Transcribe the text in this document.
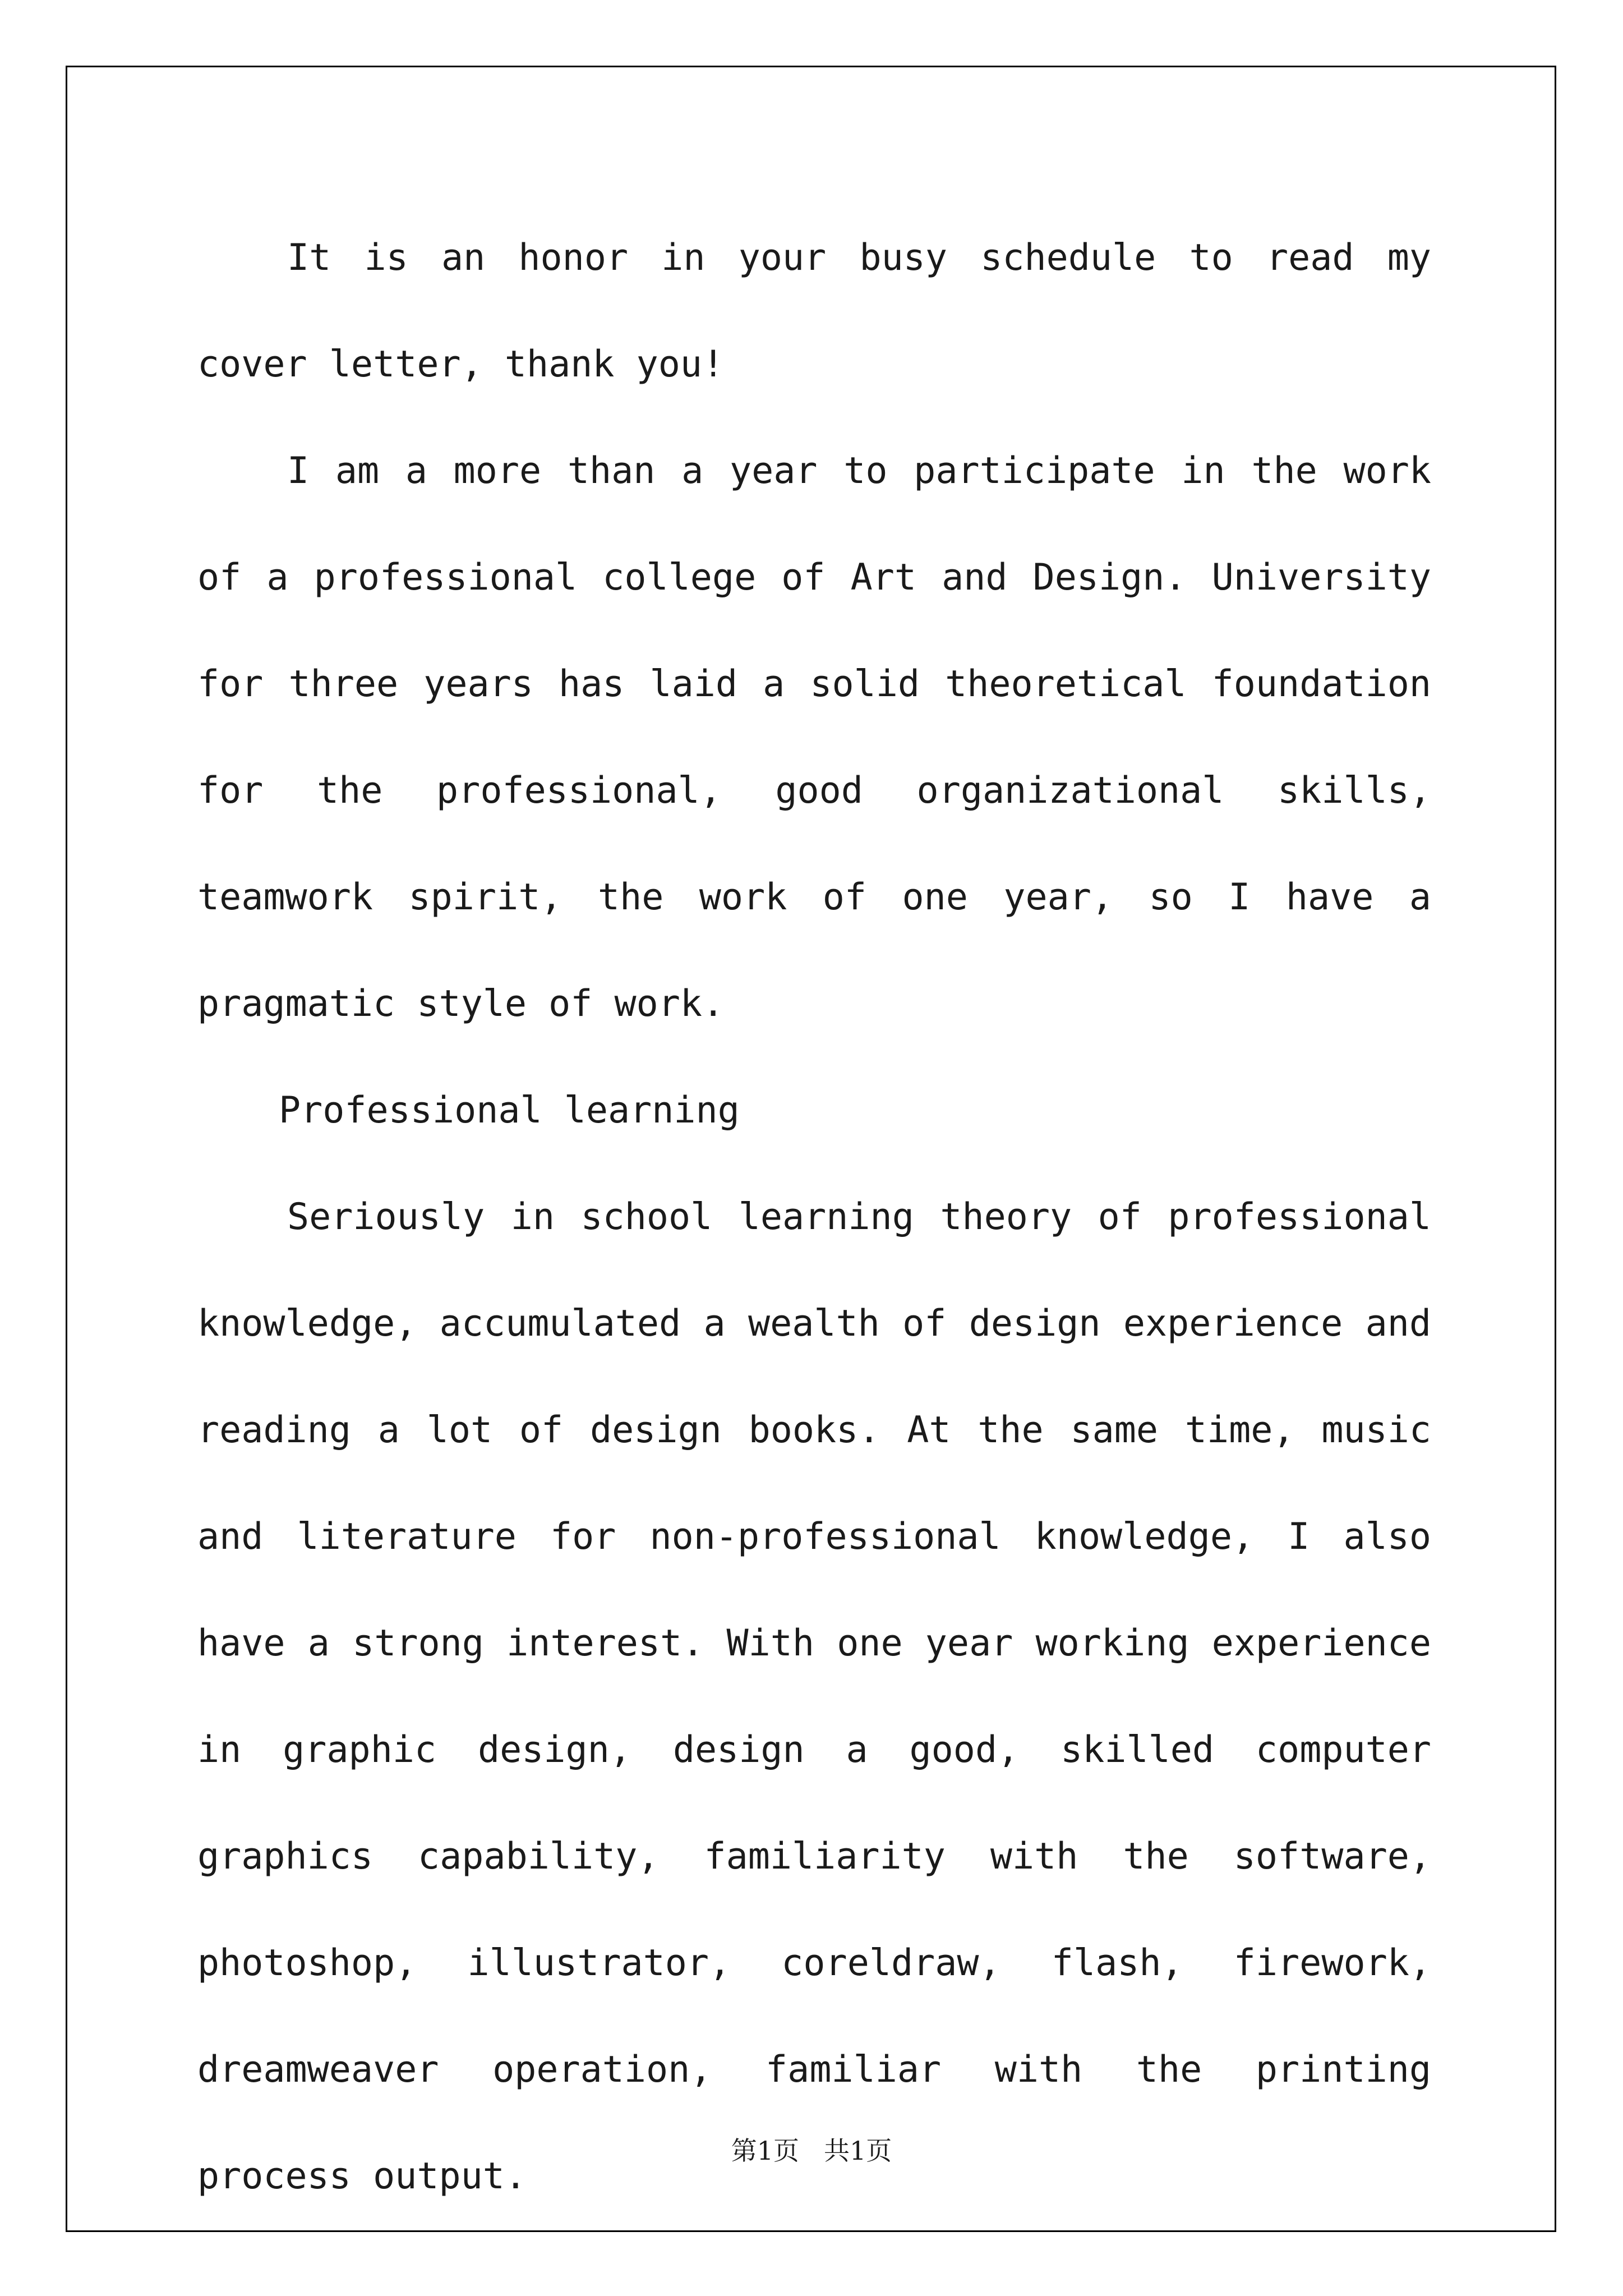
It is an honor in your busy schedule to read my cover letter, thank you!

I am a more than a year to participate in the work of a professional college of Art and Design. University for three years has laid a solid theoretical foundation for the professional, good organizational skills, teamwork spirit, the work of one year, so I have a pragmatic style of work.

Professional learning

Seriously in school learning theory of professional knowledge, accumulated a wealth of design experience and reading a lot of design books. At the same time, music and literature for non-professional knowledge, I also have a strong interest. With one year working experience in graphic design, design a good, skilled computer graphics capability, familiarity with the software, photoshop, illustrator, coreldraw, flash, firework, dreamweaver operation, familiar with the printing process output.

第1页 共1页
